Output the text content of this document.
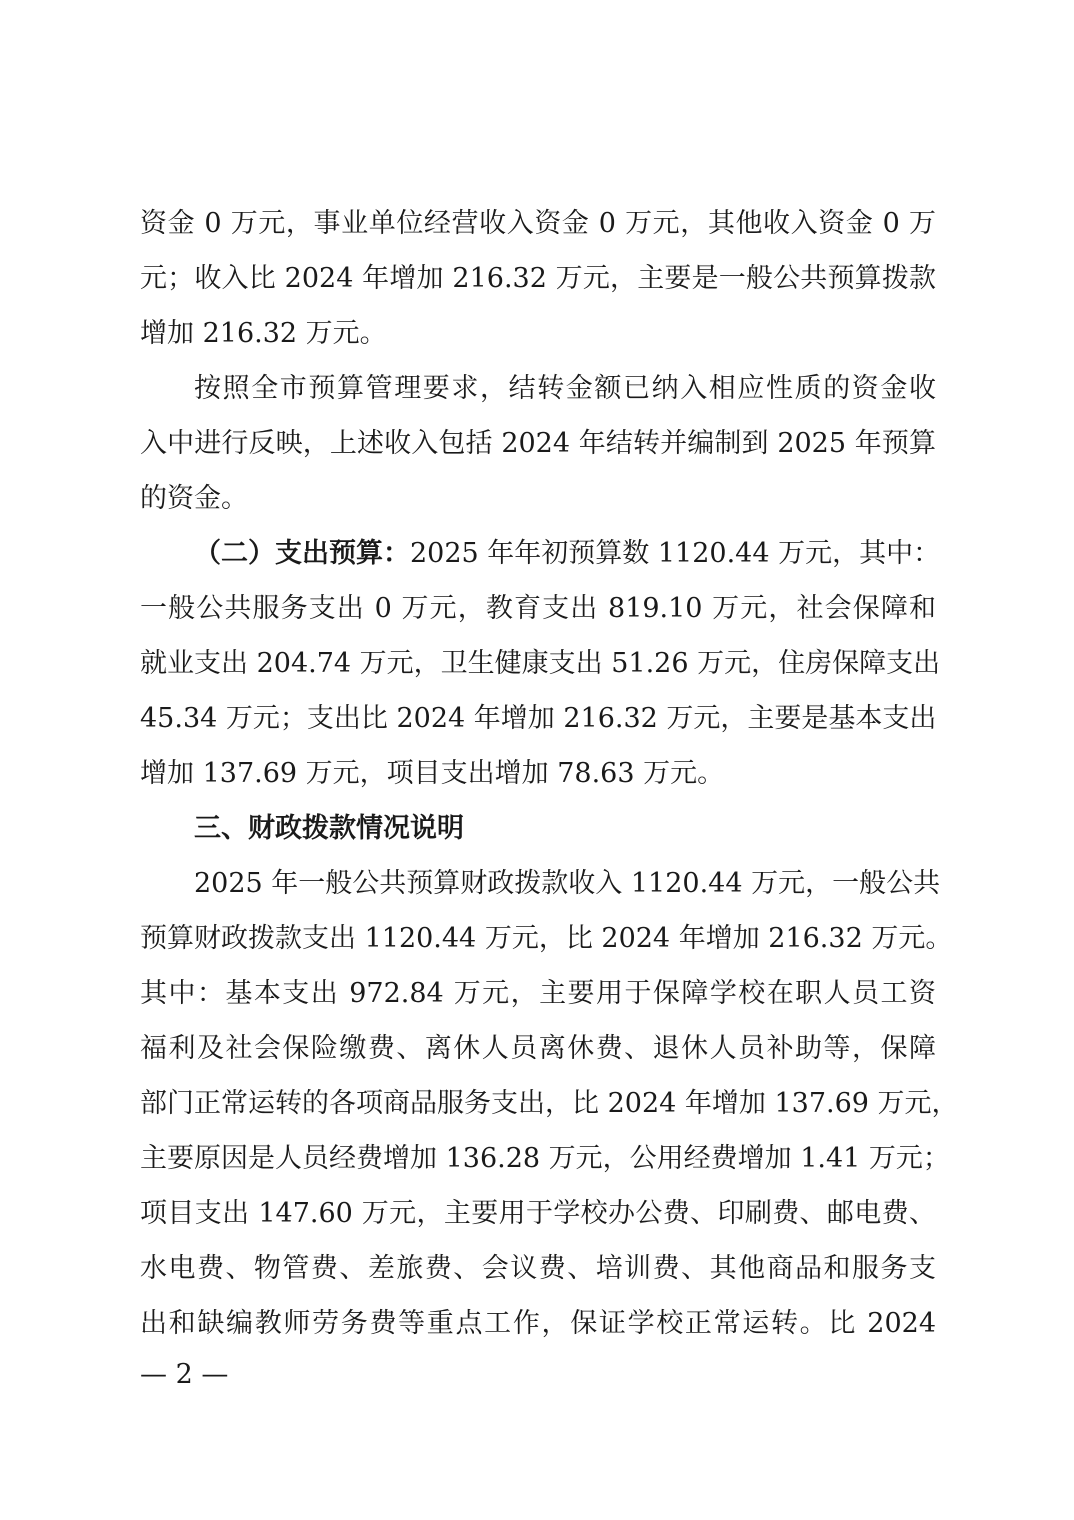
资金 0 万元，事业单位经营收入资金 0 万元，其他收入资金 0 万
元；收入比 2024 年增加 216.32 万元，主要是一般公共预算拨款
增加 216.32 万元。
按照全市预算管理要求，结转金额已纳入相应性质的资金收
入中进行反映，上述收入包括 2024 年结转并编制到 2025 年预算
的资金。
（二）支出预算： 2025 年年初预算数 1120.44 万元，其中：
一般公共服务支出 0 万元，教育支出 819.10 万元，社会保障和
就业支出 204.74 万元，卫生健康支出 51.26 万元，住房保障支出
45.34 万元；支出比 2024 年增加 216.32 万元，主要是基本支出
增加 137.69 万元，项目支出增加 78.63 万元。
三、财政拨款情况说明
2025 年一般公共预算财政拨款收入 1120.44 万元，一般公共
预算财政拨款支出 1120.44 万元，比 2024 年增加 216.32 万元。
其中：基本支出 972.84 万元，主要用于保障学校在职人员工资
福利及社会保险缴费、离休人员离休费、退休人员补助等，保障
部门正常运转的各项商品服务支出，比 2024 年增加 137.69 万元，
主要原因是人员经费增加 136.28 万元，公用经费增加 1.41 万元；
项目支出 147.60 万元，主要用于学校办公费、印刷费、邮电费、
水电费、物管费、差旅费、会议费、培训费、其他商品和服务支
出和缺编教师劳务费等重点工作，保证学校正常运转。比 2024
— 2 —
